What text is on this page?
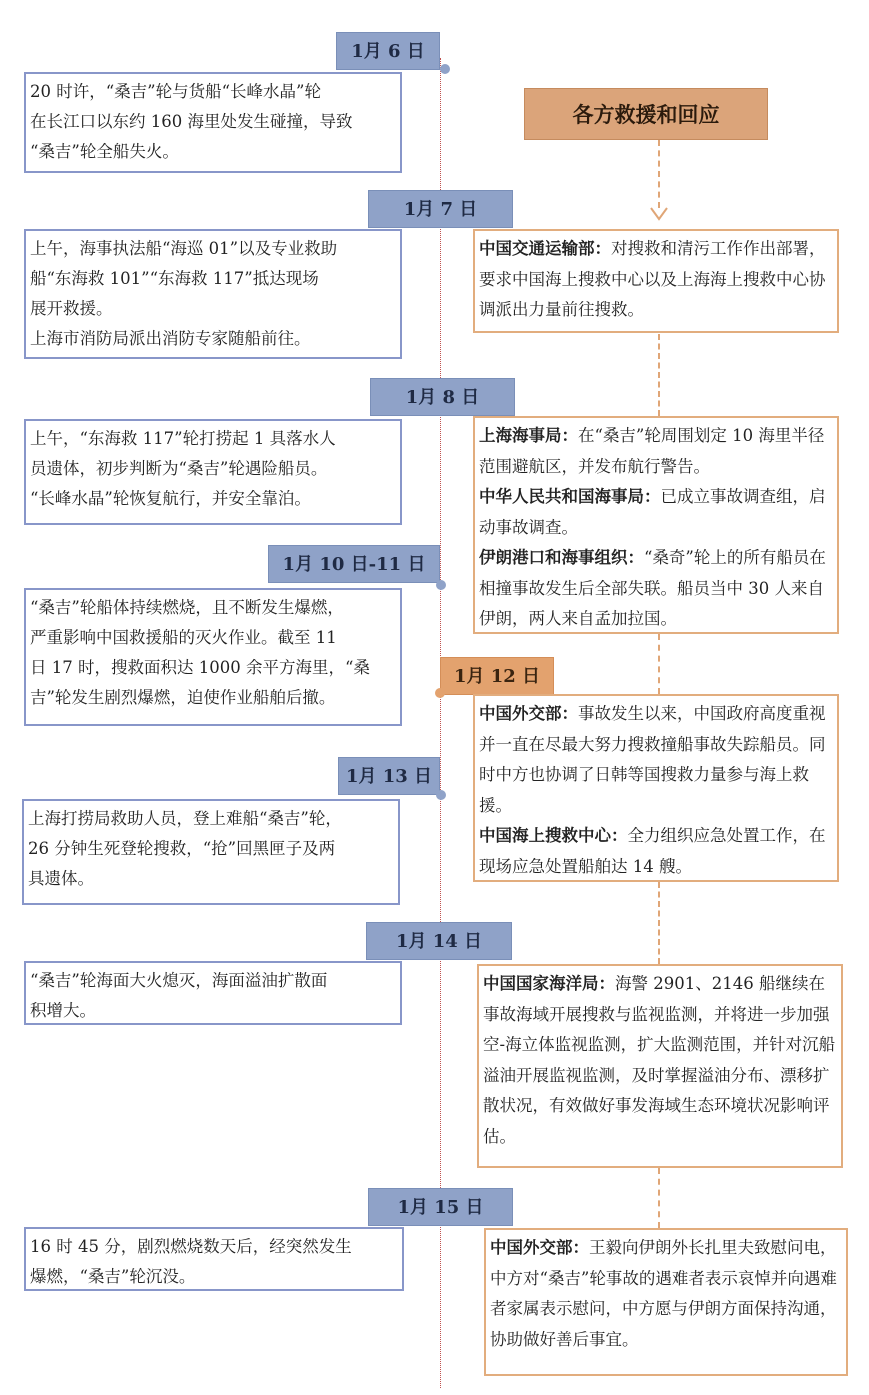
各方救援和回应
1月 6 日
1月 7 日
1月 8 日
1月 10 日-11 日
1月 12 日
1月 13 日
1月 14 日
1月 15 日
20 时许，“桑吉”轮与货船“长峰水晶”轮
在长江口以东约 160 海里处发生碰撞，导致
“桑吉”轮全船失火。
上午，海事执法船“海巡 01”以及专业救助
船“东海救 101”“东海救 117”抵达现场
展开救援。
上海市消防局派出消防专家随船前往。
上午，“东海救 117”轮打捞起 1 具落水人
员遗体，初步判断为“桑吉”轮遇险船员。
“长峰水晶”轮恢复航行，并安全靠泊。
“桑吉”轮船体持续燃烧，且不断发生爆燃，
严重影响中国救援船的灭火作业。截至 11
日 17 时，搜救面积达 1000 余平方海里，“桑
吉”轮发生剧烈爆燃，迫使作业船舶后撤。
上海打捞局救助人员，登上难船“桑吉”轮，
26 分钟生死登轮搜救，“抢”回黑匣子及两
具遗体。
“桑吉”轮海面大火熄灭，海面溢油扩散面
积增大。
16 时 45 分，剧烈燃烧数天后，经突然发生
爆燃，“桑吉”轮沉没。

中国交通运输部：对搜救和清污工作作出部署，要求中国海上搜救中心以及上海海上搜救中心协调派出力量前往搜救。

上海海事局：在“桑吉”轮周围划定 10 海里半径范围避航区，并发布航行警告。

中华人民共和国海事局：已成立事故调查组，启动事故调查。

伊朗港口和海事组织：“桑奇”轮上的所有船员在相撞事故发生后全部失联。船员当中 30 人来自伊朗，两人来自孟加拉国。

中国外交部：事故发生以来，中国政府高度重视并一直在尽最大努力搜救撞船事故失踪船员。同时中方也协调了日韩等国搜救力量参与海上救援。

中国海上搜救中心：全力组织应急处置工作，在现场应急处置船舶达 14 艘。

中国国家海洋局：海警 2901、2146 船继续在事故海域开展搜救与监视监测，并将进一步加强空-海立体监视监测，扩大监测范围，并针对沉船溢油开展监视监测，及时掌握溢油分布、漂移扩散状况，有效做好事发海域生态环境状况影响评估。

中国外交部：王毅向伊朗外长扎里夫致慰问电，中方对“桑吉”轮事故的遇难者表示哀悼并向遇难者家属表示慰问，中方愿与伊朗方面保持沟通，协助做好善后事宜。
